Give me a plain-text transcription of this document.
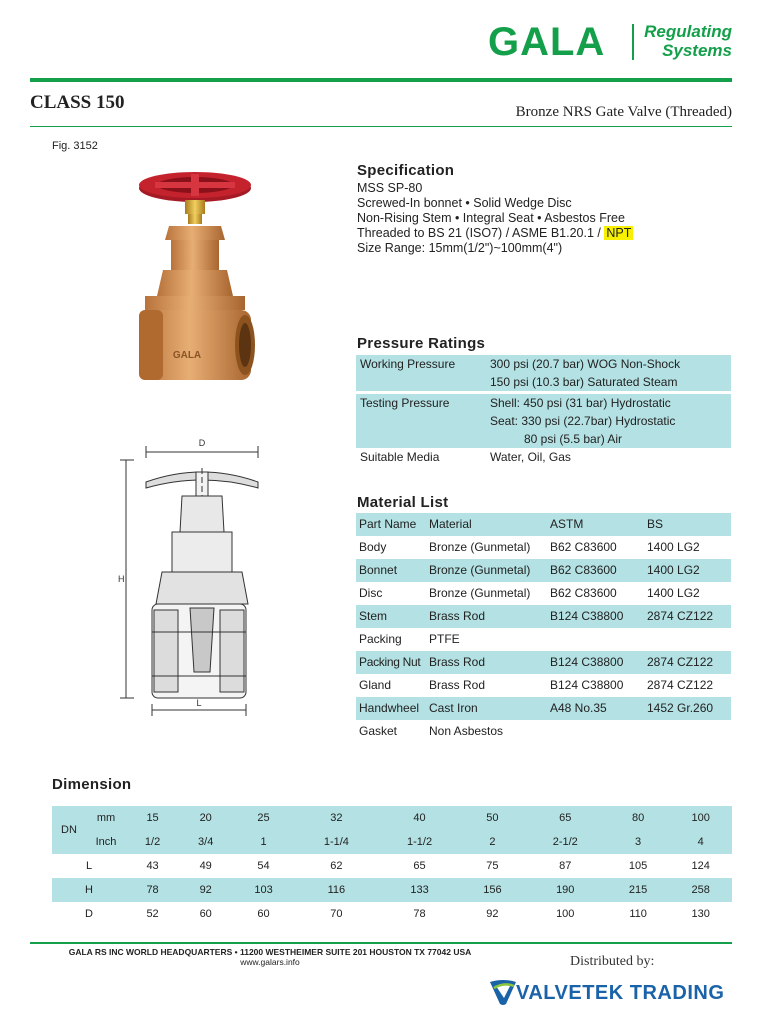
GALA Regulating
Systems
CLASS 150	Bronze NRS Gate Valve (Threaded)
Fig. 3152
GALA
D
H
L
Specification
MSS SP-80
Screwed-In bonnet • Solid Wedge Disc
Non-Rising Stem • Integral Seat • Asbestos Free
Threaded to BS 21 (ISO7) / ASME B1.20.1 / NPT
Size Range: 15mm(1/2")~100mm(4")
Pressure Ratings
Working Pressure	300 psi (20.7 bar) WOG Non-Shock
	150 psi (10.3 bar) Saturated Steam

Testing Pressure	Shell: 450 psi (31 bar) Hydrostatic
	Seat: 330 psi (22.7bar) Hydrostatic
	80 psi (5.5 bar) Air
Suitable Media	Water, Oil, Gas
Material List
Part Name	Material	ASTM	BS
Body	Bronze (Gunmetal)	B62 C83600	1400 LG2
Bonnet	Bronze (Gunmetal)	B62 C83600	1400 LG2
Disc	Bronze (Gunmetal)	B62 C83600	1400 LG2
Stem	Brass Rod	B124 C38800	2874 CZ122
Packing	PTFE		
Packing Nut	Brass Rod	B124 C38800	2874 CZ122
Gland	Brass Rod	B124 C38800	2874 CZ122
Handwheel	Cast Iron	A48 No.35	1452 Gr.260
Gasket	Non Asbestos		
Dimension
DN	mm	15	20	25	32	40	50	65	80	100
	Inch	1/2	3/4	1	1-1/4	1-1/2	2	2-1/2	3	4
L		43	49	54	62	65	75	87	105	124
H		78	92	103	116	133	156	190	215	258
D		52	60	60	70	78	92	100	110	130
GALA RS INC WORLD HEADQUARTERS • 11200 WESTHEIMER SUITE 201 HOUSTON TX 77042 USA
www.galars.info	Distributed by:
VALVETEK TRADING
